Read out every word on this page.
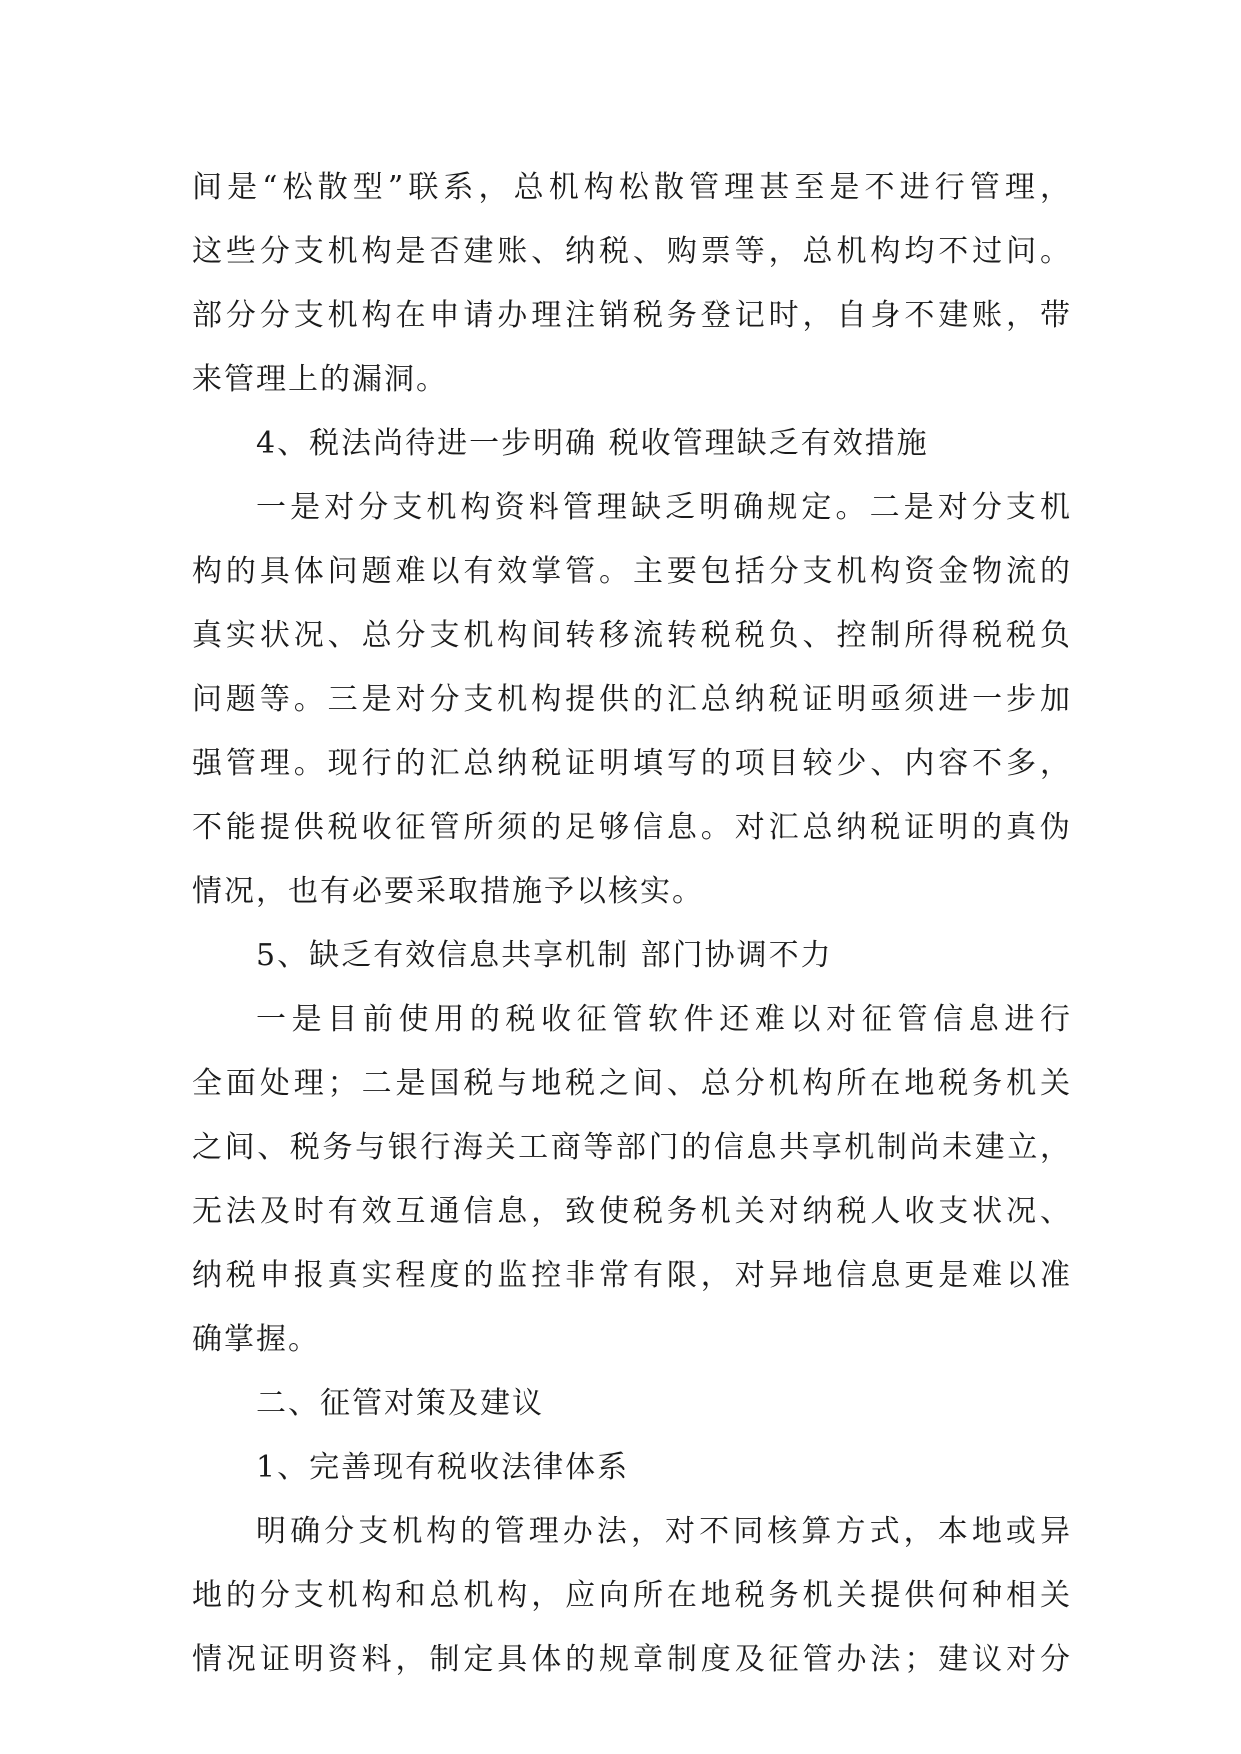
间是“松散型”联系，总机构松散管理甚至是不进行管理，
这些分支机构是否建账、纳税、购票等，总机构均不过问。
部分分支机构在申请办理注销税务登记时，自身不建账，带
来管理上的漏洞。
4、税法尚待进一步明确 税收管理缺乏有效措施
一是对分支机构资料管理缺乏明确规定。二是对分支机
构的具体问题难以有效掌管。主要包括分支机构资金物流的
真实状况、总分支机构间转移流转税税负、控制所得税税负
问题等。三是对分支机构提供的汇总纳税证明亟须进一步加
强管理。现行的汇总纳税证明填写的项目较少、内容不多，
不能提供税收征管所须的足够信息。对汇总纳税证明的真伪
情况，也有必要采取措施予以核实。
5、缺乏有效信息共享机制 部门协调不力
一是目前使用的税收征管软件还难以对征管信息进行
全面处理；二是国税与地税之间、总分机构所在地税务机关
之间、税务与银行海关工商等部门的信息共享机制尚未建立，
无法及时有效互通信息，致使税务机关对纳税人收支状况、
纳税申报真实程度的监控非常有限，对异地信息更是难以准
确掌握。
二、征管对策及建议
1、完善现有税收法律体系
明确分支机构的管理办法，对不同核算方式，本地或异
地的分支机构和总机构，应向所在地税务机关提供何种相关
情况证明资料，制定具体的规章制度及征管办法；建议对分
